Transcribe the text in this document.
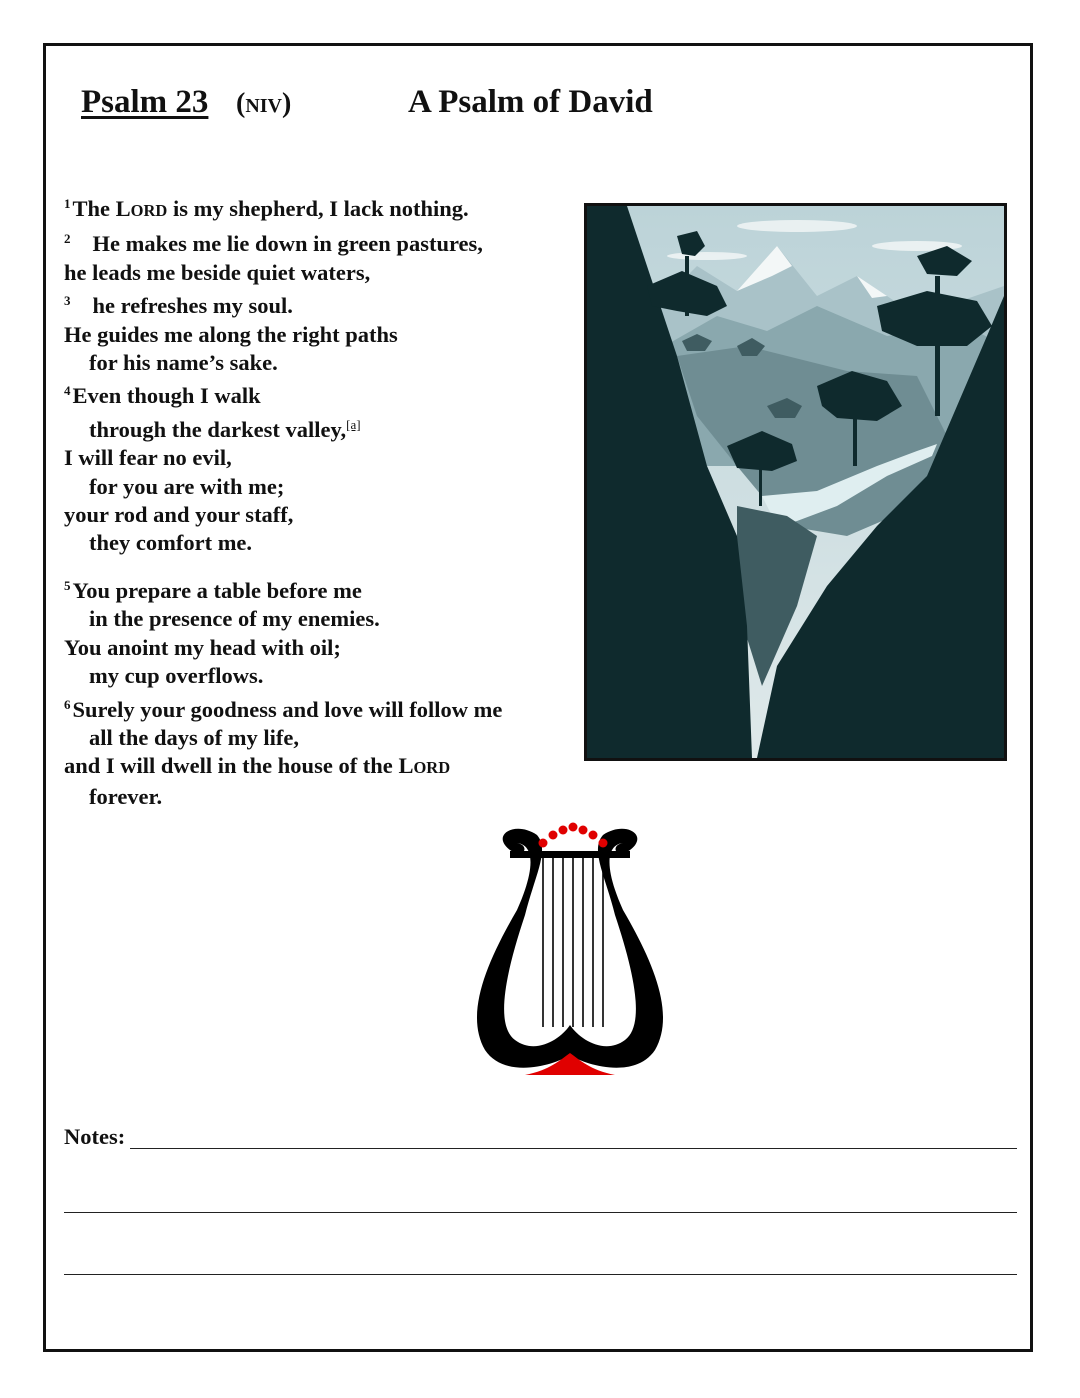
Psalm 23 (NIV)	A Psalm of David
$^1$The LORD is my shepherd, I lack nothing.
$^2$ He makes me lie down in green pastures,
he leads me beside quiet waters,
$^3$ he refreshes my soul.
He guides me along the right paths
for his name’s sake.
$^4$Even though I walk
through the darkest valley,[a]
I will fear no evil,
for you are with me;
your rod and your staff,
they comfort me.
$^5$You prepare a table before me
in the presence of my enemies.
You anoint my head with oil;
my cup overflows.
$^6$Surely your goodness and love will follow me
all the days of my life,
and I will dwell in the house of the LORD
forever.
Notes:
